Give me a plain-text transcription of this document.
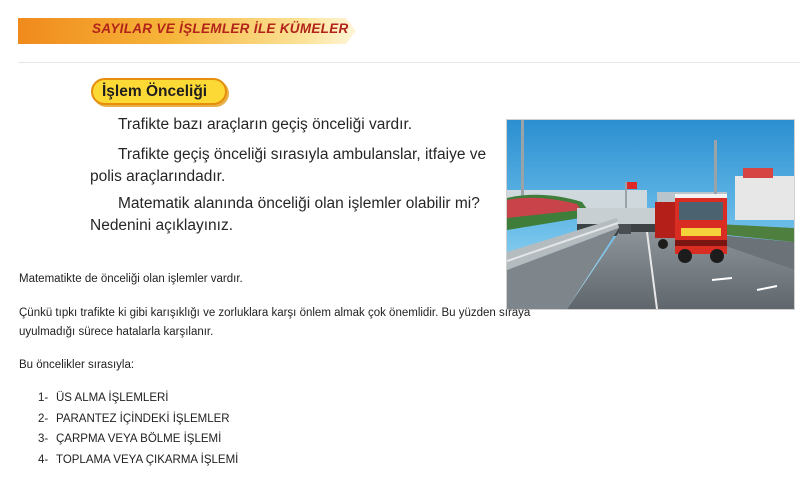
SAYILAR VE İŞLEMLER İLE KÜMELER
İşlem Önceliği

Trafikte bazı araçların geçiş önceliği vardır.

Trafikte geçiş önceliği sırasıyla ambulanslar, itfaiye ve polis araçlarındadır.

Matematik alanında önceliği olan işlemler olabilir mi? Nedenini açıklayınız.

Matematikte de önceliği olan işlemler vardır.

Çünkü tıpkı trafikte ki gibi karışıklığı ve zorluklara karşı önlem almak çok önemlidir. Bu yüzden sıraya uyulmadığı sürece hatalarla karşılanır.

Bu öncelikler sırasıyla:

1- ÜS ALMA İŞLEMLERİ
2- PARANTEZ İÇİNDEKİ İŞLEMLER
3- ÇARPMA VEYA BÖLME İŞLEMİ
4- TOPLAMA VEYA ÇIKARMA İŞLEMİ
